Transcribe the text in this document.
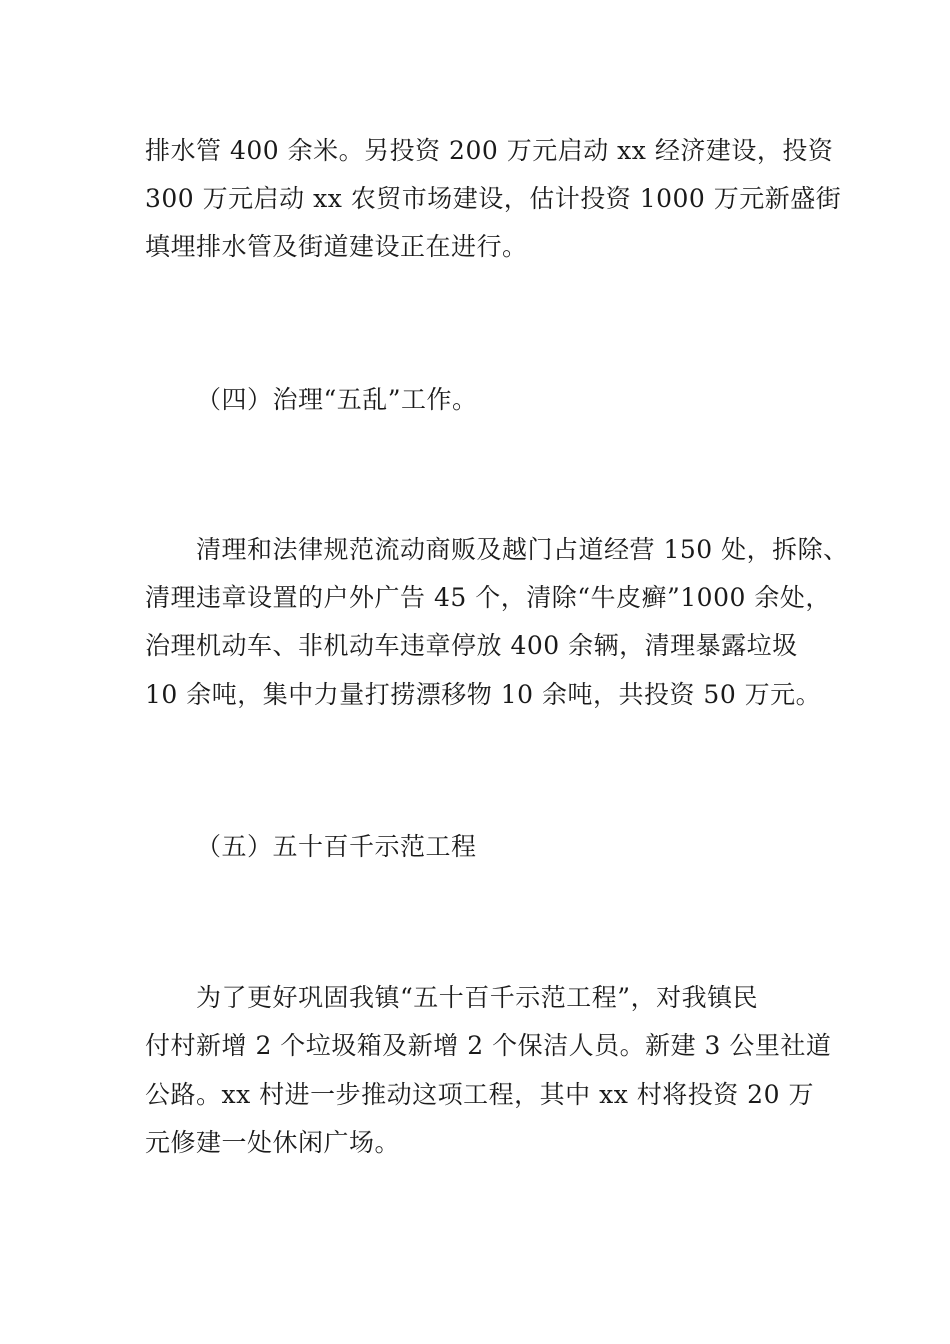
排水管 400 余米。另投资 200 万元启动 xx 经济建设，投资
300 万元启动 xx 农贸市场建设，估计投资 1000 万元新盛街
填埋排水管及街道建设正在进行。
（四）治理“五乱”工作。
清理和法律规范流动商贩及越门占道经营 150 处，拆除、
清理违章设置的户外广告 45 个，清除“牛皮癣”1000 余处，
治理机动车、非机动车违章停放 400 余辆，清理暴露垃圾
10 余吨，集中力量打捞漂移物 10 余吨，共投资 50 万元。
（五）五十百千示范工程
为了更好巩固我镇“五十百千示范工程”，对我镇民
付村新增 2 个垃圾箱及新增 2 个保洁人员。新建 3 公里社道
公路。xx 村进一步推动这项工程，其中 xx 村将投资 20 万
元修建一处休闲广场。
